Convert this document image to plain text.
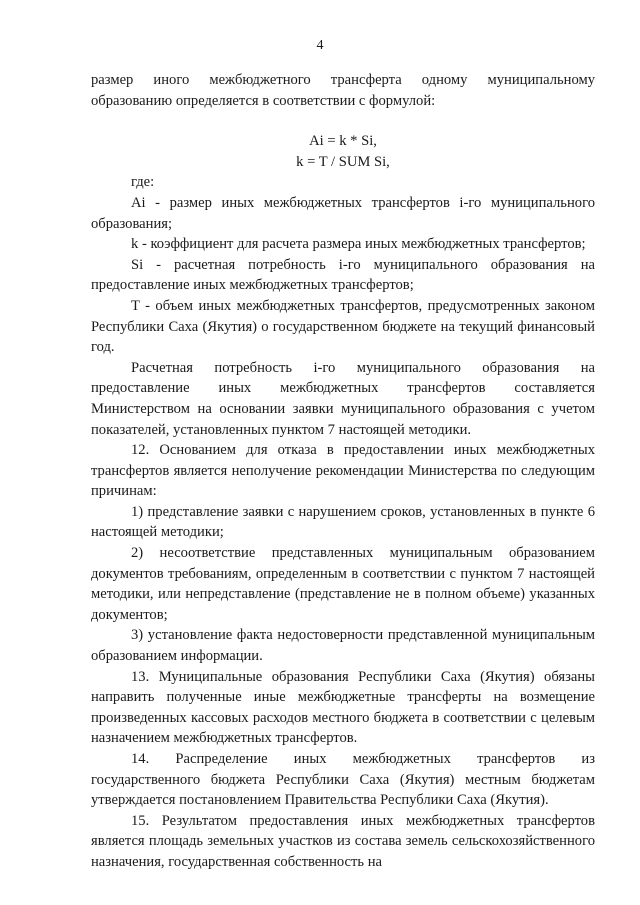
4

размер иного межбюджетного трансферта одному муниципальному образованию определяется в соответствии с формулой:

Ai = k * Si,

k = T / SUM Si,

где:

Ai - размер иных межбюджетных трансфертов i-го муниципального образования;

k - коэффициент для расчета размера иных межбюджетных трансфертов;

Si - расчетная потребность i-го муниципального образования на предоставление иных межбюджетных трансфертов;

T - объем иных межбюджетных трансфертов, предусмотренных законом Республики Саха (Якутия) о государственном бюджете на текущий финансовый год.

Расчетная потребность i-го муниципального образования на предоставление иных межбюджетных трансфертов составляется Министерством на основании заявки муниципального образования с учетом показателей, установленных пунктом 7 настоящей методики.

12. Основанием для отказа в предоставлении иных межбюджетных трансфертов является неполучение рекомендации Министерства по следующим причинам:

1) представление заявки с нарушением сроков, установленных в пункте 6 настоящей методики;

2) несоответствие представленных муниципальным образованием документов требованиям, определенным в соответствии с пунктом 7 настоящей методики, или непредставление (представление не в полном объеме) указанных документов;

3) установление факта недостоверности представленной муниципальным образованием информации.

13. Муниципальные образования Республики Саха (Якутия) обязаны направить полученные иные межбюджетные трансферты на возмещение произведенных кассовых расходов местного бюджета в соответствии с целевым назначением межбюджетных трансфертов.

14. Распределение иных межбюджетных трансфертов из государственного бюджета Республики Саха (Якутия) местным бюджетам утверждается постановлением Правительства Республики Саха (Якутия).

15. Результатом предоставления иных межбюджетных трансфертов является площадь земельных участков из состава земель сельскохозяйственного назначения, государственная собственность на
